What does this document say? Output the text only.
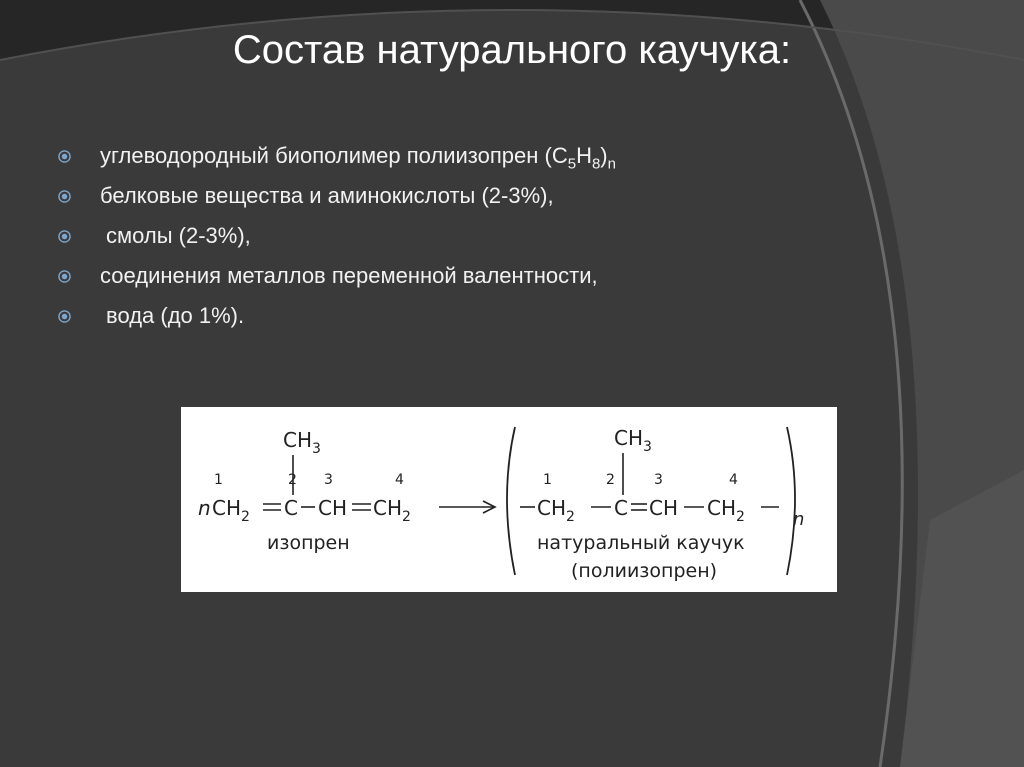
Состав натурального каучука:
углеводородный биополимер полиизопрен $(C_5H_8)_n$
белковые вещества и аминокислоты (2-3%),
смолы (2-3%),
соединения металлов переменной валентности,
вода (до 1%).
$CH_3$
1	2 3	4
n $CH_2$ C CH $CH_2$
изопрен
$CH_3$
1	2	3	4
$CH_2$ C CH $CH_2$	n
натуральный каучук
(полиизопрен)
